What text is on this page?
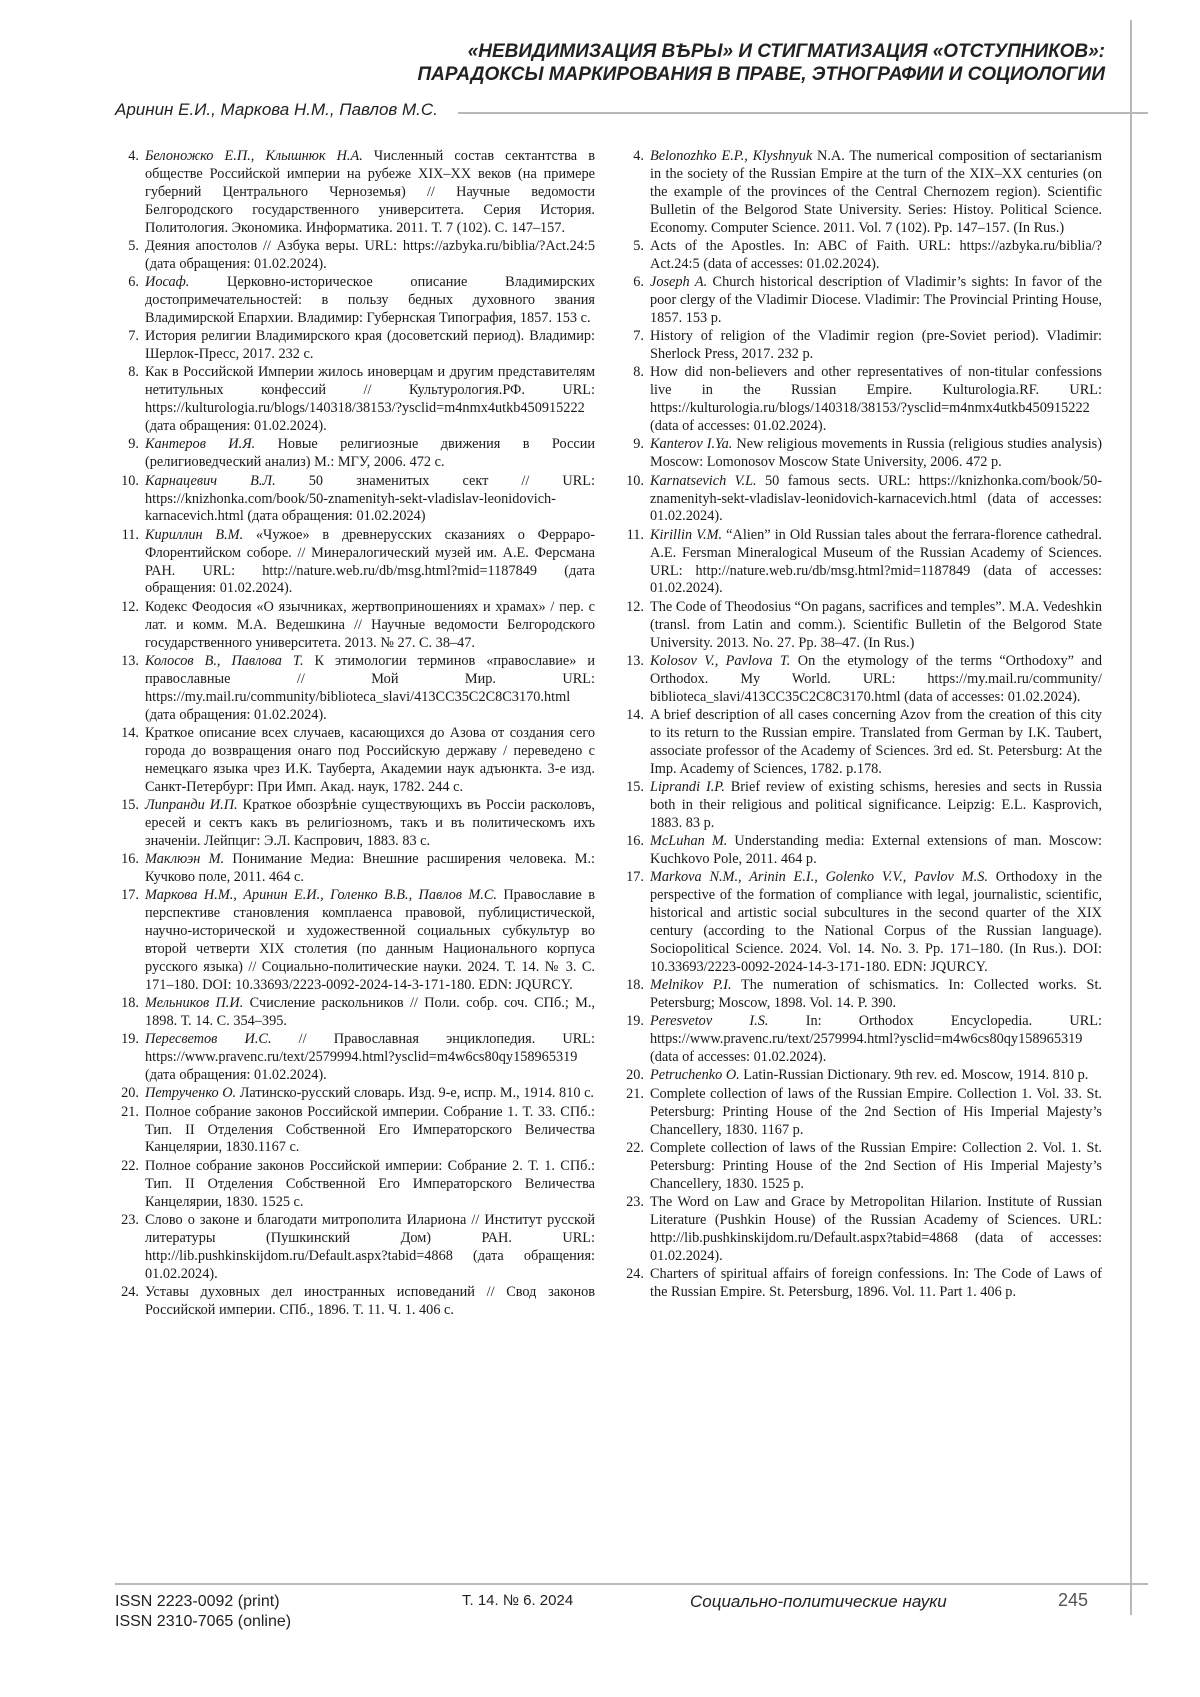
«НЕВИДИМИЗАЦИЯ ВѢРЫ» И СТИГМАТИЗАЦИЯ «ОТСТУПНИКОВ»:
ПАРАДОКСЫ МАРКИРОВАНИЯ В ПРАВЕ, ЭТНОГРАФИИ И СОЦИОЛОГИИ
Аринин Е.И., Маркова Н.М., Павлов М.С.
4. Белоножко Е.П., Клышнюк Н.А. Численный состав сектантства в обществе Российской империи на рубеже XIX–XX веков (на примере губерний Центрального Черноземья) // Научные ведомости Белгородского государственного университета. Серия История. Политология. Экономика. Информатика. 2011. Т. 7 (102). С. 147–157.
5. Деяния апостолов // Азбука веры. URL: https://azbyka.ru/biblia/?Act.24:5 (дата обращения: 01.02.2024).
6. Иосаф. Церковно-историческое описание Владимирских достопримечательностей: в пользу бедных духовного звания Владимирской Епархии. Владимир: Губернская Типография, 1857. 153 с.
7. История религии Владимирского края (досоветский период). Владимир: Шерлок-Пресс, 2017. 232 с.
8. Как в Российской Империи жилось иноверцам и другим представителям нетитульных конфессий // Культурология.РФ. URL: https://kulturologia.ru/blogs/140318/38153/?ysclid=m4nmx4utkb450915222 (дата обращения: 01.02.2024).
9. Кантеров И.Я. Новые религиозные движения в России (религиоведческий анализ) М.: МГУ, 2006. 472 с.
10. Карнацевич В.Л. 50 знаменитых сект // URL: https://knizhonka.com/book/50-znamenityh-sekt-vladislav-leonidovich-karnacevich.html (дата обращения: 01.02.2024)
11. Кириллин В.М. «Чужое» в древнерусских сказаниях о Ферраро-Флорентийском соборе. // Минералогический музей им. А.Е. Ферсмана РАН. URL: http://nature.web.ru/db/msg.html?mid=1187849 (дата обращения: 01.02.2024).
12. Кодекс Феодосия «О язычниках, жертвоприношениях и храмах» / пер. с лат. и комм. М.А. Ведешкина // Научные ведомости Белгородского государственного университета. 2013. № 27. С. 38–47.
13. Колосов В., Павлова Т. К этимологии терминов «православие» и православные // Мой Мир. URL: https://my.mail.ru/community/biblioteca_slavi/413CC35C2C8C3170.html (дата обращения: 01.02.2024).
14. Краткое описание всех случаев, касающихся до Азова от создания сего города до возвращения онаго под Российскую державу / переведено с немецкаго языка чрез И.К. Тауберта, Академии наук адъюнкта. 3-е изд. Санкт-Петербург: При Имп. Акад. наук, 1782. 244 с.
15. Липранди И.П. Краткое обозрѣніе существующихъ въ Россіи расколовъ, ересей и сектъ какъ въ религіозномъ, такъ и въ политическомъ ихъ значеніи. Лейпциг: Э.Л. Каспрович, 1883. 83 с.
16. Маклюэн М. Понимание Медиа: Внешние расширения человека. М.: Кучково поле, 2011. 464 с.
17. Маркова Н.М., Аринин Е.И., Голенко В.В., Павлов М.С. Православие в перспективе становления комплаенса правовой, публицистической, научно-исторической и художественной социальных субкультур во второй четверти XIX столетия (по данным Национального корпуса русского языка) // Социально-политические науки. 2024. Т. 14. № 3. С. 171–180. DOI: 10.33693/2223-0092-2024-14-3-171-180. EDN: JQURCY.
18. Мельников П.И. Счисление раскольников // Поли. собр. соч. СПб.; М., 1898. Т. 14. С. 354–395.
19. Пересветов И.С. // Православная энциклопедия. URL: https://www.pravenc.ru/text/2579994.html?ysclid=m4w6cs80qy158965319 (дата обращения: 01.02.2024).
20. Петрученко О. Латинско-русский словарь. Изд. 9-е, испр. М., 1914. 810 с.
21. Полное собрание законов Российской империи. Собрание 1. Т. 33. СПб.: Тип. II Отделения Собственной Его Императорского Величества Канцелярии, 1830.1167 с.
22. Полное собрание законов Российской империи: Собрание 2. Т. 1. СПб.: Тип. II Отделения Собственной Его Императорского Величества Канцелярии, 1830. 1525 с.
23. Слово о законе и благодати митрополита Илариона // Институт русской литературы (Пушкинский Дом) РАН. URL: http://lib.pushkinskijdom.ru/Default.aspx?tabid=4868 (дата обращения: 01.02.2024).
24. Уставы духовных дел иностранных исповеданий // Свод законов Российской империи. СПб., 1896. Т. 11. Ч. 1. 406 с.
4. Belonozhko E.P., Klyshnyuk N.A. The numerical composition of sectarianism in the society of the Russian Empire at the turn of the XIX–XX centuries (on the example of the provinces of the Central Chernozem region). Scientific Bulletin of the Belgorod State University. Series: Histoy. Political Science. Economy. Computer Science. 2011. Vol. 7 (102). Pp. 147–157. (In Rus.)
5. Acts of the Apostles. In: ABC of Faith. URL: https://azbyka.ru/biblia/?Act.24:5 (data of accesses: 01.02.2024).
6. Joseph A. Church historical description of Vladimir’s sights: In favor of the poor clergy of the Vladimir Diocese. Vladimir: The Provincial Printing House, 1857. 153 p.
7. History of religion of the Vladimir region (pre-Soviet period). Vladimir: Sherlock Press, 2017. 232 p.
8. How did non-believers and other representatives of non-titular confessions live in the Russian Empire. Kulturologia.RF. URL: https://kulturologia.ru/blogs/140318/38153/?ysclid=m4nmx4utkb450915222 (data of accesses: 01.02.2024).
9. Kanterov I.Ya. New religious movements in Russia (religious studies analysis) Moscow: Lomonosov Moscow State University, 2006. 472 p.
10. Karnatsevich V.L. 50 famous sects. URL: https://knizhonka.com/book/50-znamenityh-sekt-vladislav-leonidovich-karnacevich.html (data of accesses: 01.02.2024).
11. Kirillin V.M. “Alien” in Old Russian tales about the ferrara-florence cathedral. A.E. Fersman Mineralogical Museum of the Russian Academy of Sciences. URL: http://nature.web.ru/db/msg.html?mid=1187849 (data of accesses: 01.02.2024).
12. The Code of Theodosius “On pagans, sacrifices and temples”. M.A. Vedeshkin (transl. from Latin and comm.). Scientific Bulletin of the Belgorod State University. 2013. No. 27. Pp. 38–47. (In Rus.)
13. Kolosov V., Pavlova T. On the etymology of the terms “Orthodoxy” and Orthodox. My World. URL: https://my.mail.ru/community/ biblioteca_slavi/413CC35C2C8C3170.html (data of accesses: 01.02.2024).
14. A brief description of all cases concerning Azov from the creation of this city to its return to the Russian empire. Translated from German by I.K. Taubert, associate professor of the Academy of Sciences. 3rd ed. St. Petersburg: At the Imp. Academy of Sciences, 1782. p.178.
15. Liprandi I.P. Brief review of existing schisms, heresies and sects in Russia both in their religious and political significance. Leipzig: E.L. Kasprovich, 1883. 83 p.
16. McLuhan M. Understanding media: External extensions of man. Moscow: Kuchkovo Pole, 2011. 464 p.
17. Markova N.M., Arinin E.I., Golenko V.V., Pavlov M.S. Orthodoxy in the perspective of the formation of compliance with legal, journalistic, scientific, historical and artistic social subcultures in the second quarter of the XIX century (according to the National Corpus of the Russian language). Sociopolitical Science. 2024. Vol. 14. No. 3. Pp. 171–180. (In Rus.). DOI: 10.33693/2223-0092-2024-14-3-171-180. EDN: JQURCY.
18. Melnikov P.I. The numeration of schismatics. In: Collected works. St. Petersburg; Moscow, 1898. Vol. 14. P. 390.
19. Peresvetov I.S. In: Orthodox Encyclopedia. URL: https://www.pravenc.ru/text/2579994.html?ysclid=m4w6cs80qy158965319 (data of accesses: 01.02.2024).
20. Petruchenko O. Latin-Russian Dictionary. 9th rev. ed. Moscow, 1914. 810 p.
21. Complete collection of laws of the Russian Empire. Collection 1. Vol. 33. St. Petersburg: Printing House of the 2nd Section of His Imperial Majesty’s Chancellery, 1830. 1167 p.
22. Complete collection of laws of the Russian Empire: Collection 2. Vol. 1. St. Petersburg: Printing House of the 2nd Section of His Imperial Majesty’s Chancellery, 1830. 1525 p.
23. The Word on Law and Grace by Metropolitan Hilarion. Institute of Russian Literature (Pushkin House) of the Russian Academy of Sciences. URL: http://lib.pushkinskijdom.ru/Default.aspx?tabid=4868 (data of accesses: 01.02.2024).
24. Charters of spiritual affairs of foreign confessions. In: The Code of Laws of the Russian Empire. St. Petersburg, 1896. Vol. 11. Part 1. 406 p.
ISSN 2223-0092 (print)
ISSN 2310-7065 (online)
Т. 14. № 6. 2024	Социально-политические науки	245
